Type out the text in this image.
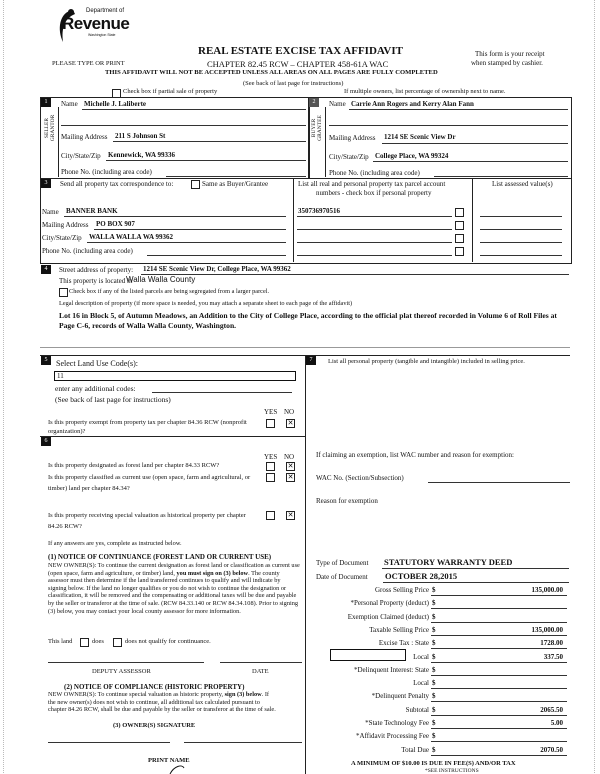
Department of
Revenue
Washington State
PLEASE TYPE OR PRINT
REAL ESTATE EXCISE TAX AFFIDAVIT
CHAPTER 82.45 RCW – CHAPTER 458-61A WAC
This form is your receipt
when stamped by cashier.
THIS AFFIDAVIT WILL NOT BE ACCEPTED UNLESS ALL AREAS ON ALL PAGES ARE FULLY COMPLETED
(See back of last page for instructions)
Check box if partial sale of property	If multiple owners, list percentage of ownership next to name.
1
SELLER GRANTOR
Name Michelle J. Laliberte
Mailing Address 211 S Johnson St
City/State/Zip Kennewick, WA 99336
Phone No. (including area code)
2
BUYER GRANTEE
Name Carrie Ann Rogers and Kerry Alan Fann
Mailing Address 1214 SE Scenic View Dr
City/State/Zip College Place, WA 99324
Phone No. (including area code)
3	Send all property tax correspondence to:	Same as Buyer/Grantee
Name BANNER BANK
Mailing Address PO BOX 907
City/State/Zip WALLA WALLA WA 99362
Phone No. (including area code)
List all real and personal property tax parcel account
numbers - check box if personal property
List assessed value(s)
350736970516
4	Street address of property: 1214 SE Scenic View Dr, College Place, WA 99362
This property is located in
Walla Walla County
Check box if any of the listed parcels are being segregated from a larger parcel.
Legal description of property (if more space is needed, you may attach a separate sheet to each page of the affidavit)
Lot 16 in Block 5, of Autumn Meadows, an Addition to the City of College Place, according to the official plat thereof recorded in Volume 6 of Roll Files at Page C-6, records of Walla Walla County, Washington.
5	Select Land Use Code(s):
11
enter any additional codes:
(See back of last page for instructions)
YES NO
Is this property exempt from property tax per chapter 84.36 RCW (nonprofit organization)?
✕
6
YES NO
Is this property designated as forest land per chapter 84.33 RCW?	✕
Is this property classified as current use (open space, farm and agricultural, or timber) land per chapter 84.34?
✕
Is this property receiving special valuation as historical property per chapter 84.26 RCW?
✕
If any answers are yes, complete as instructed below.
(1) NOTICE OF CONTINUANCE (FOREST LAND OR CURRENT USE)
NEW OWNER(S): To continue the current designation as forest land or classification as current use (open space, farm and agriculture, or timber) land, you must sign on (3) below. The county assessor must then determine if the land transferred continues to qualify and will indicate by signing below. If the land no longer qualifies or you do not wish to continue the designation or classification, it will be removed and the compensating or additional taxes will be due and payable by the seller or transferor at the time of sale. (RCW 84.33.140 or RCW 84.34.108). Prior to signing (3) below, you may contact your local county assessor for more information.
This land	does	does not qualify for continuance.
DEPUTY ASSESSOR	DATE
(2) NOTICE OF COMPLIANCE (HISTORIC PROPERTY)
NEW OWNER(S): To continue special valuation as historic property, sign (3) below. If the new owner(s) does not wish to continue, all additional tax calculated pursuant to chapter 84.26 RCW, shall be due and payable by the seller or transferor at the time of sale.
(3) OWNER(S) SIGNATURE
PRINT NAME
7	List all personal property (tangible and intangible) included in selling price.
If claiming an exemption, list WAC number and reason for exemption:
WAC No. (Section/Subsection)
Reason for exemption
Type of Document STATUTORY WARRANTY DEED
Date of Document OCTOBER 28,2015
Gross Selling Price $	135,000.00
*Personal Property (deduct) $
Exemption Claimed (deduct) $
Taxable Selling Price $	135,000.00
Excise Tax : State $	1728.00
Local $	337.50
*Delinquent Interest: State $
Local $
*Delinquent Penalty $
Subtotal $	2065.50
*State Technology Fee $	5.00
*Affidavit Processing Fee $
Total Due $	2070.50
A MINIMUM OF $10.00 IS DUE IN FEE(S) AND/OR TAX
*SEE INSTRUCTIONS
